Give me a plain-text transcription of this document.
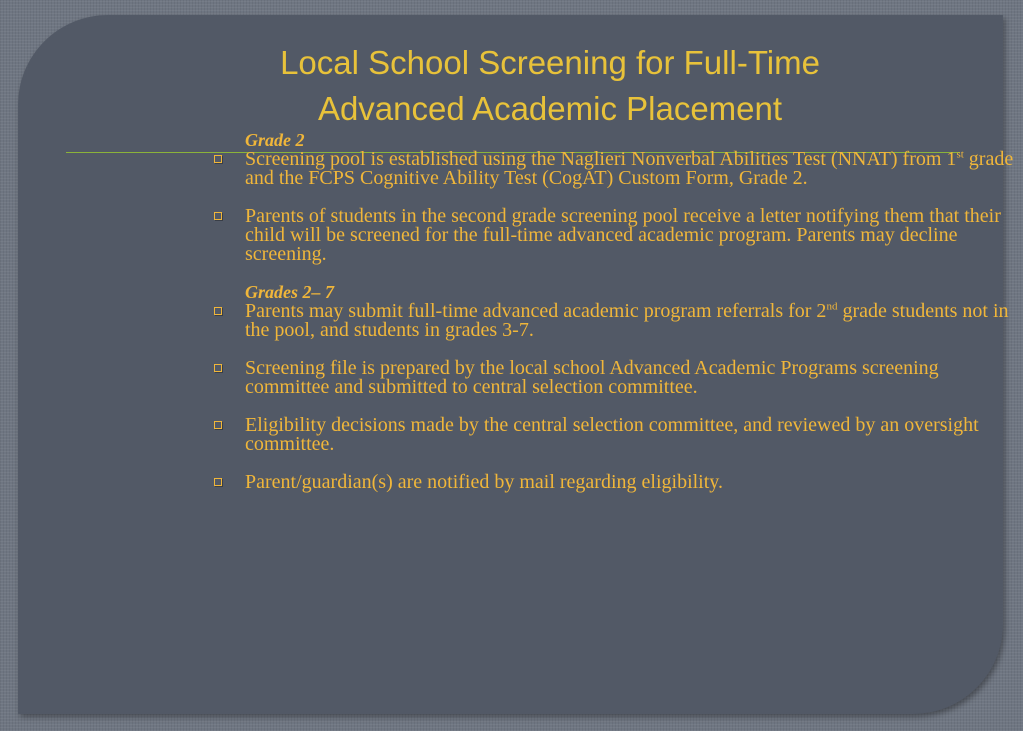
Local School Screening for Full-Time
Advanced Academic Placement
Grade 2
Screening pool is established using the Naglieri Nonverbal Abilities Test (NNAT) from 1st grade and the FCPS Cognitive Ability Test (CogAT) Custom Form, Grade 2.
Parents of students in the second grade screening pool receive a letter notifying them that their child will be screened for the full-time advanced academic program. Parents may decline screening.
Grades 2– 7
Parents may submit full-time advanced academic program referrals for 2nd grade students not in the pool, and students in grades 3-7.
Screening file is prepared by the local school Advanced Academic Programs screening committee and submitted to central selection committee.
Eligibility decisions made by the central selection committee, and reviewed by an oversight committee.
Parent/guardian(s) are notified by mail regarding eligibility.
